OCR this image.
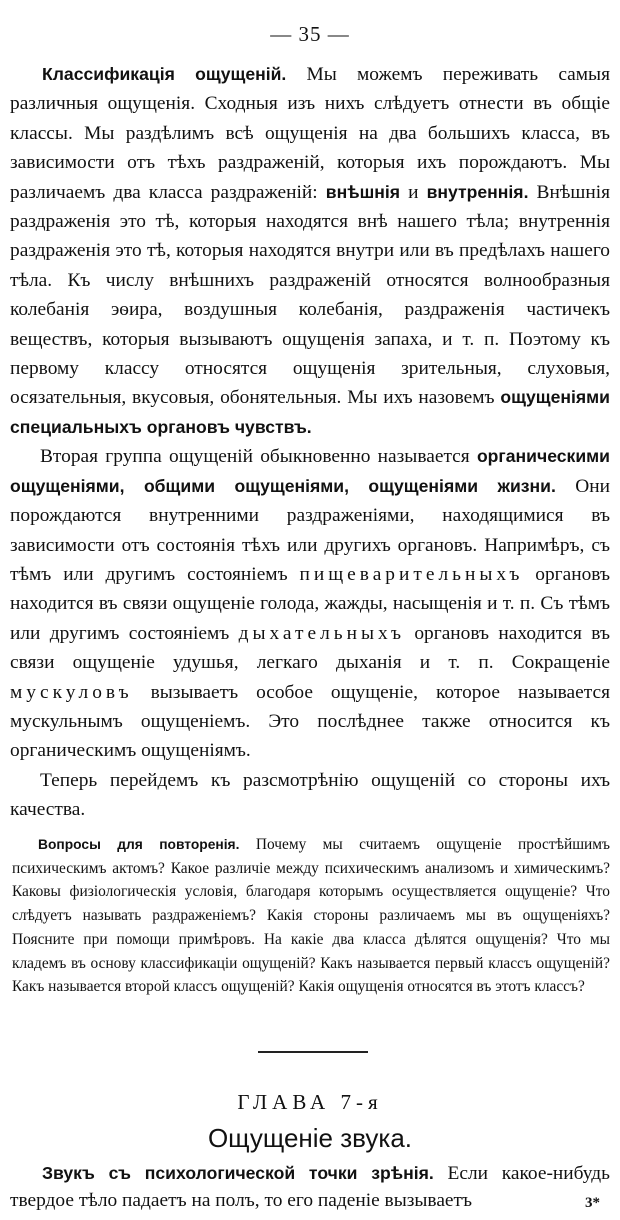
— 35 —

Классификація ощущеній. Мы можемъ переживать самыя различныя ощущенія. Сходныя изъ нихъ слѣдуетъ отнести въ общіе классы. Мы раздѣлимъ всѣ ощущенія на два большихъ класса, въ зависимости отъ тѣхъ раздраженій, которыя ихъ порождаютъ. Мы различаемъ два класса раздраженій: внѣшнія и внутреннія. Внѣшнія раздраженія это тѣ, которыя находятся внѣ нашего тѣла; внутреннія раздраженія это тѣ, которыя находятся внутри или въ предѣлахъ нашего тѣла. Къ числу внѣшнихъ раздраженій относятся волнообразныя колебанія эѳира, воздушныя колебанія, раздраженія частичекъ веществъ, которыя вызываютъ ощущенія запаха, и т. п. Поэтому къ первому классу относятся ощущенія зрительныя, слуховыя, осязательныя, вкусовыя, обонятельныя. Мы ихъ назовемъ ощущеніями специальныхъ органовъ чувствъ.

Вторая группа ощущеній обыкновенно называется органическими ощущеніями, общими ощущеніями, ощущеніями жизни. Они порождаются внутренними раздраженіями, находящимися въ зависимости отъ состоянія тѣхъ или другихъ органовъ. Напримѣръ, съ тѣмъ или другимъ состояніемъ пищеварительныхъ органовъ находится въ связи ощущеніе голода, жажды, насыщенія и т. п. Съ тѣмъ или другимъ состояніемъ дыхательныхъ органовъ находится въ связи ощущеніе удушья, легкаго дыханія и т. п. Сокращеніе мускуловъ вызываетъ особое ощущеніе, которое называется мускульнымъ ощущеніемъ. Это послѣднее также относится къ органическимъ ощущеніямъ.

Теперь перейдемъ къ разсмотрѣнію ощущеній со стороны ихъ качества.

Вопросы для повторенія. Почему мы считаемъ ощущеніе простѣйшимъ психическимъ актомъ? Какое различіе между психическимъ анализомъ и химическимъ? Каковы физіологическія условія, благодаря которымъ осуществляется ощущеніе? Что слѣдуетъ называть раздраженіемъ? Какія стороны различаемъ мы въ ощущеніяхъ? Поясните при помощи примѣровъ. На какіе два класса дѣлятся ощущенія? Что мы кладемъ въ основу классификаціи ощущеній? Какъ называется первый классъ ощущеній? Какъ называется второй классъ ощущеній? Какія ощущенія относятся въ этотъ классъ?

ГЛАВА 7-я
Ощущеніе звука.

Звукъ съ психологической точки зрѣнія. Если какое-нибудь твердое тѣло падаетъ на полъ, то его паденіе вызываетъ	3*
